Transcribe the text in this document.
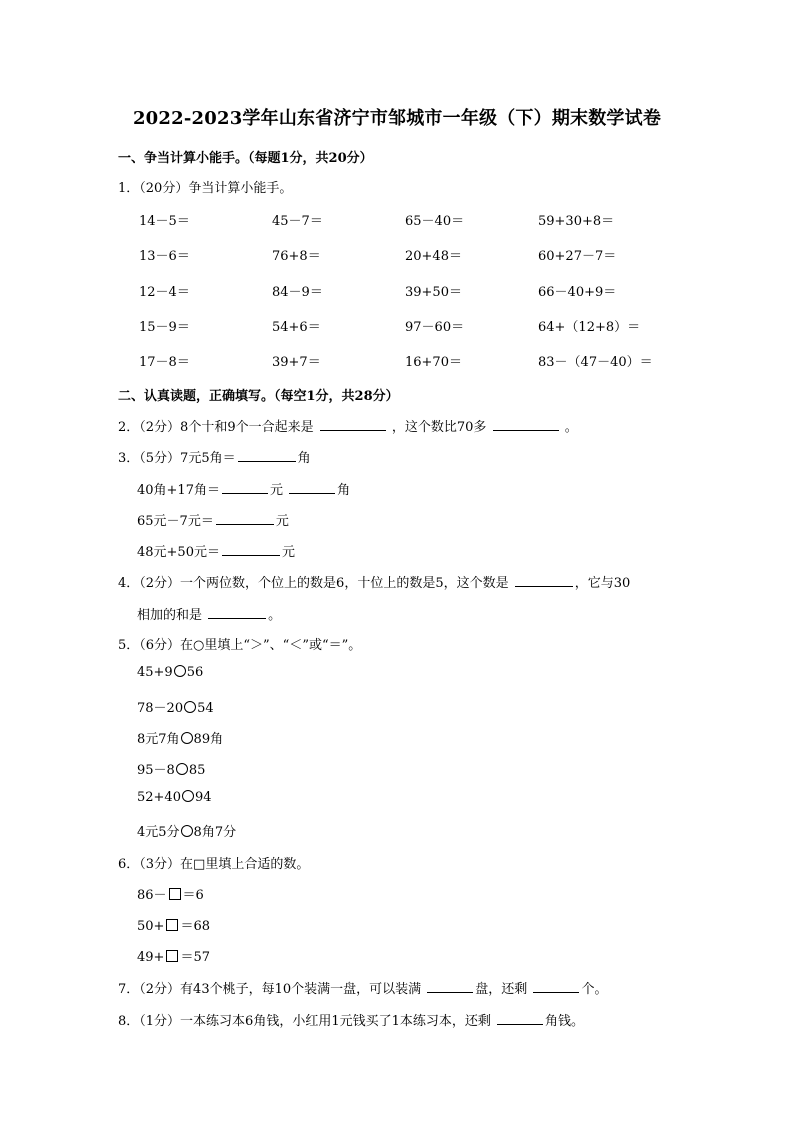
2022-2023学年山东省济宁市邹城市一年级（下）期末数学试卷
一、争当计算小能手。（每题1分，共20分）
1．（20分）争当计算小能手。
14－5＝	45－7＝	65－40＝	59+30+8＝
13－6＝	76+8＝	20+48＝	60+27－7＝
12－4＝	84－9＝	39+50＝	66－40+9＝
15－9＝	54+6＝	97－60＝	64+（12+8）＝
17－8＝	39+7＝	16+70＝	83－（47－40）＝
二、认真读题，正确填写。（每空1分，共28分）
2．（2分）8个十和9个一合起来是	，这个数比70多	。
3．（5分）7元5角＝	角
40角+17角＝	元	角
65元－7元＝	元
48元+50元＝	元
4．（2分）一个两位数，个位上的数是6，十位上的数是5，这个数是	，它与30
相加的和是	。
5．（6分）在○里填上“＞”、“＜”或“＝”。
45+9 56
78－20 54
8元7角 89角
95－8 85
52+40 94
4元5分 8角7分
6．（3分）在□里填上合适的数。
86－ ＝6
50+ ＝68
49+ ＝57
7．（2分）有43个桃子，每10个装满一盘，可以装满	盘，还剩	个。
8．（1分）一本练习本6角钱，小红用1元钱买了1本练习本，还剩	角钱。
